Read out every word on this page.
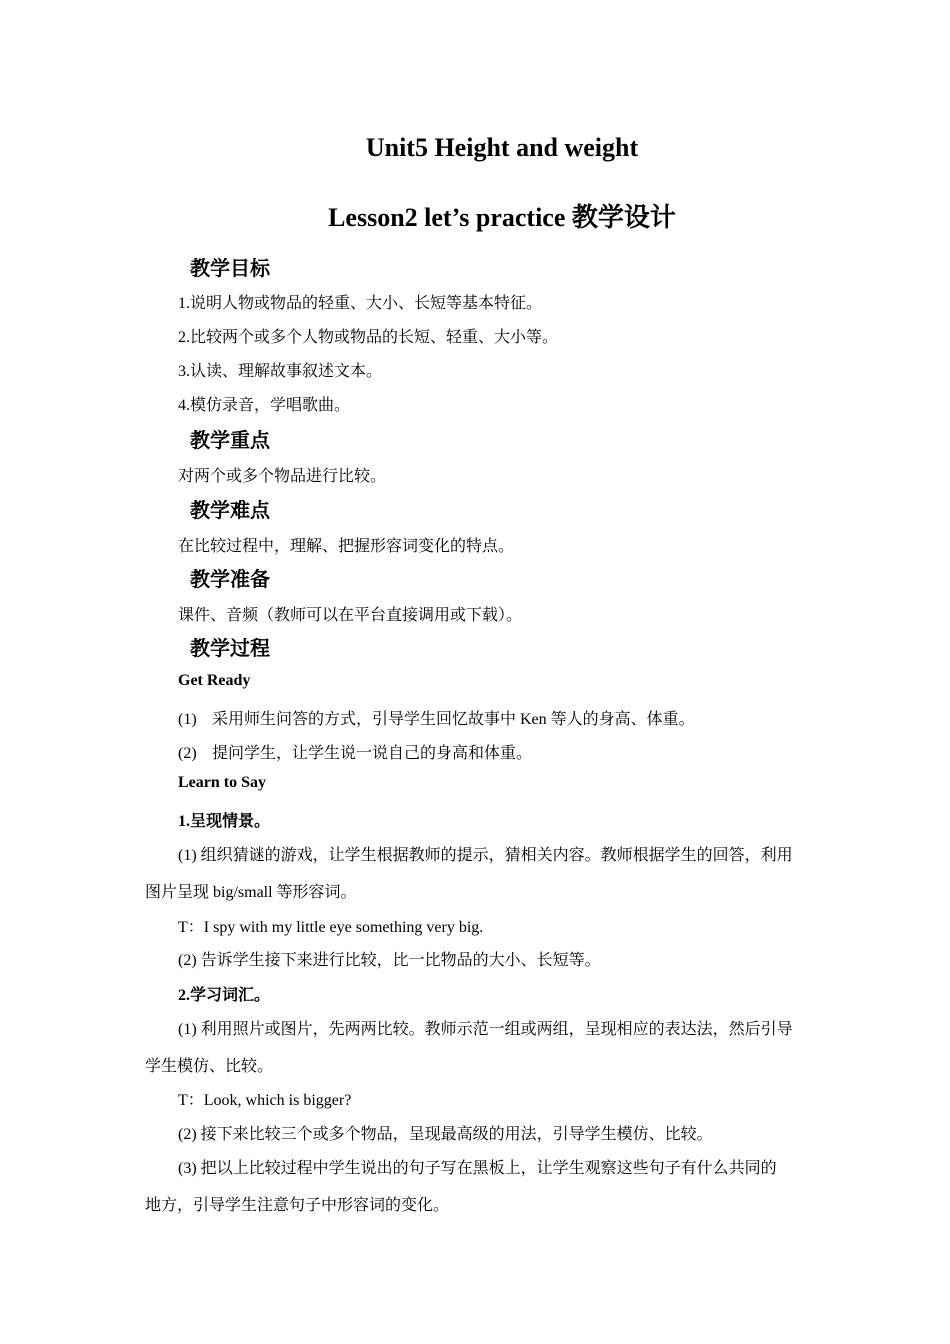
Unit5 Height and weight
Lesson2 let’s practice 教学设计
教学目标

1.说明人物或物品的轻重、大小、长短等基本特征。

2.比较两个或多个人物或物品的长短、轻重、大小等。

3.认读、理解故事叙述文本。

4.模仿录音，学唱歌曲。

教学重点

对两个或多个物品进行比较。

教学难点

在比较过程中，理解、把握形容词变化的特点。

教学准备

课件、音频（教师可以在平台直接调用或下载）。

教学过程

Get Ready

(1) 采用师生问答的方式，引导学生回忆故事中 Ken 等人的身高、体重。

(2) 提问学生，让学生说一说自己的身高和体重。

Learn to Say

1.呈现情景。

(1) 组织猜谜的游戏，让学生根据教师的提示，猜相关内容。教师根据学生的回答，利用

图片呈现 big/small 等形容词。

T：I spy with my little eye something very big.

(2) 告诉学生接下来进行比较，比一比物品的大小、长短等。

2.学习词汇。

(1) 利用照片或图片，先两两比较。教师示范一组或两组，呈现相应的表达法，然后引导

学生模仿、比较。

T：Look, which is bigger?

(2) 接下来比较三个或多个物品，呈现最高级的用法，引导学生模仿、比较。

(3) 把以上比较过程中学生说出的句子写在黑板上，让学生观察这些句子有什么共同的

地方，引导学生注意句子中形容词的变化。
